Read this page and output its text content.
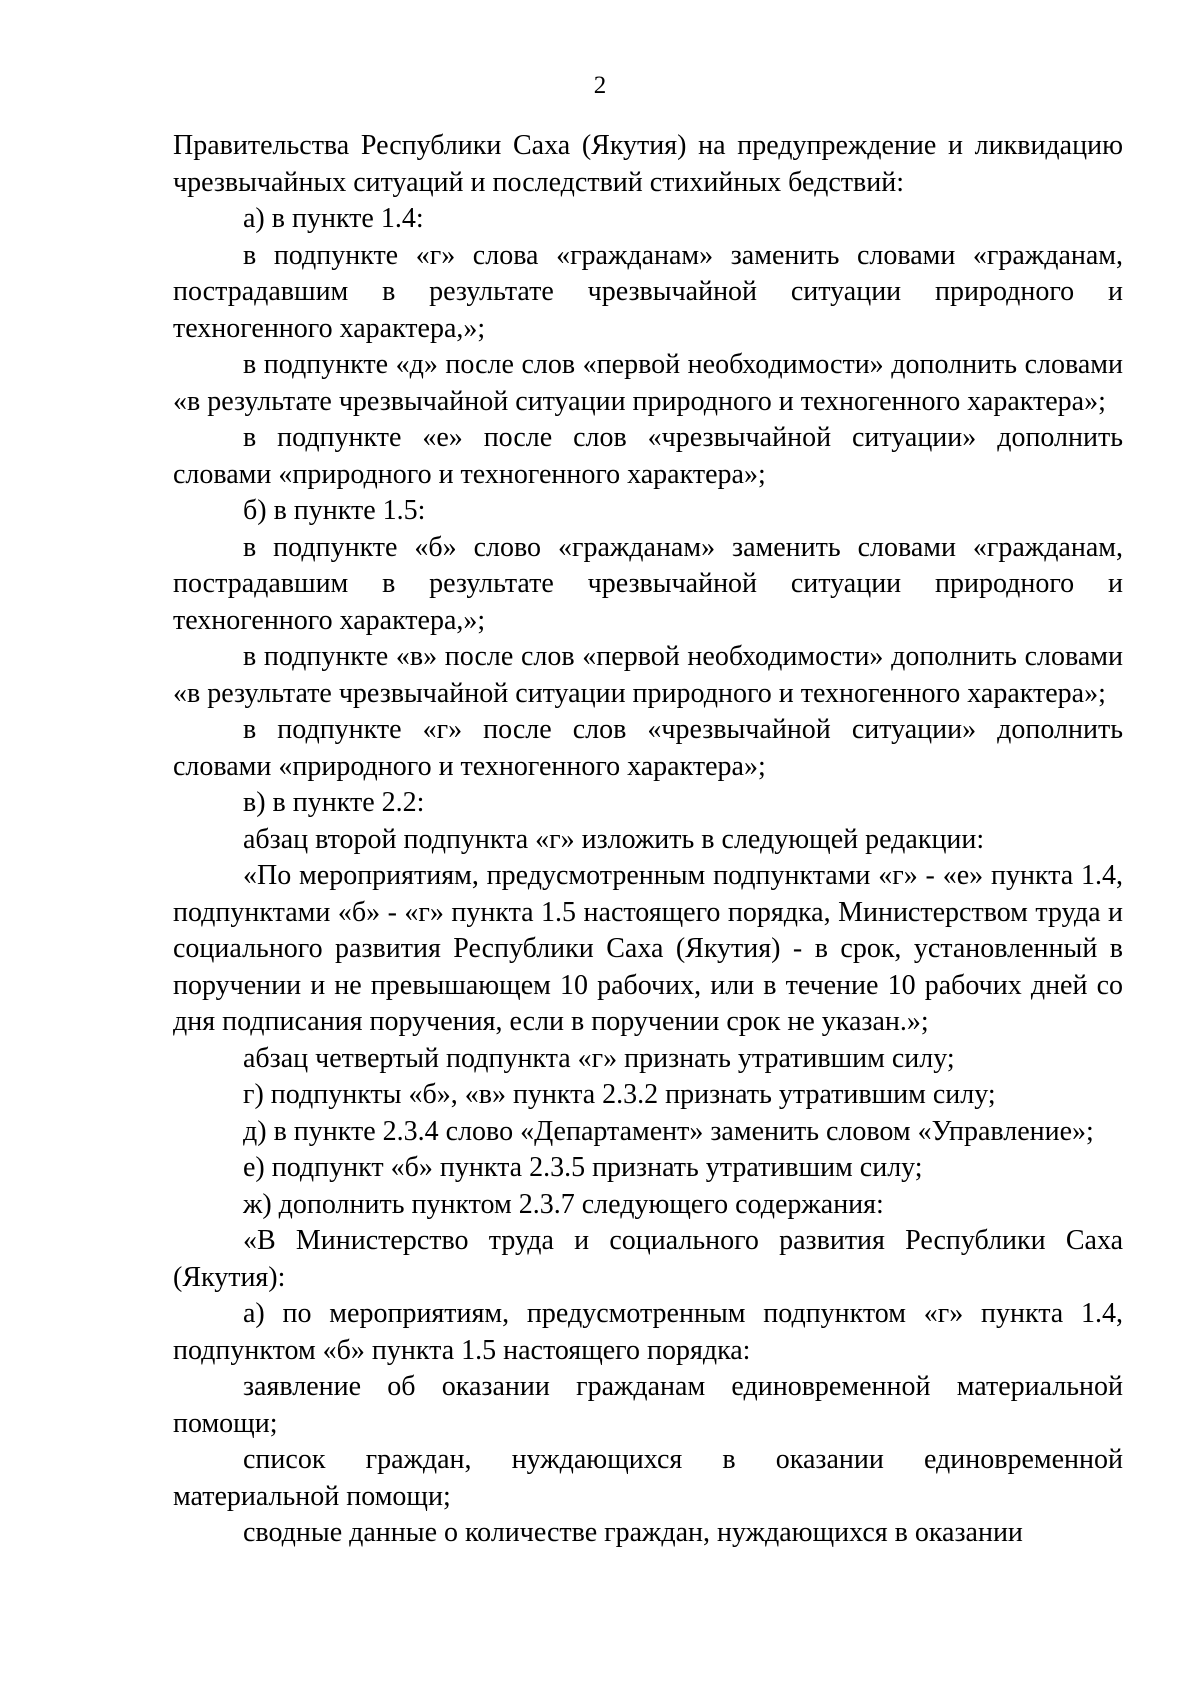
2

Правительства Республики Саха (Якутия) на предупреждение и ликвидацию чрезвычайных ситуаций и последствий стихийных бедствий:

а) в пункте 1.4:

в подпункте «г» слова «гражданам» заменить словами «гражданам, пострадавшим в результате чрезвычайной ситуации природного и техногенного характера,»;

в подпункте «д» после слов «первой необходимости» дополнить словами «в результате чрезвычайной ситуации природного и техногенного характера»;

в подпункте «е» после слов «чрезвычайной ситуации» дополнить словами «природного и техногенного характера»;

б) в пункте 1.5:

в подпункте «б» слово «гражданам» заменить словами «гражданам, пострадавшим в результате чрезвычайной ситуации природного и техногенного характера,»;

в подпункте «в» после слов «первой необходимости» дополнить словами «в результате чрезвычайной ситуации природного и техногенного характера»;

в подпункте «г» после слов «чрезвычайной ситуации» дополнить словами «природного и техногенного характера»;

в) в пункте 2.2:

абзац второй подпункта «г» изложить в следующей редакции:

«По мероприятиям, предусмотренным подпунктами «г» - «е» пункта 1.4, подпунктами «б» - «г» пункта 1.5 настоящего порядка, Министерством труда и социального развития Республики Саха (Якутия) - в срок, установленный в поручении и не превышающем 10 рабочих, или в течение 10 рабочих дней со дня подписания поручения, если в поручении срок не указан.»;

абзац четвертый подпункта «г» признать утратившим силу;

г) подпункты «б», «в» пункта 2.3.2 признать утратившим силу;

д) в пункте 2.3.4 слово «Департамент» заменить словом «Управление»;

е) подпункт «б» пункта 2.3.5 признать утратившим силу;

ж) дополнить пунктом 2.3.7 следующего содержания:

«В Министерство труда и социального развития Республики Саха (Якутия):

а) по мероприятиям, предусмотренным подпунктом «г» пункта 1.4, подпунктом «б» пункта 1.5 настоящего порядка:

заявление об оказании гражданам единовременной материальной помощи;

список граждан, нуждающихся в оказании единовременной материальной помощи;

сводные данные о количестве граждан, нуждающихся в оказании
